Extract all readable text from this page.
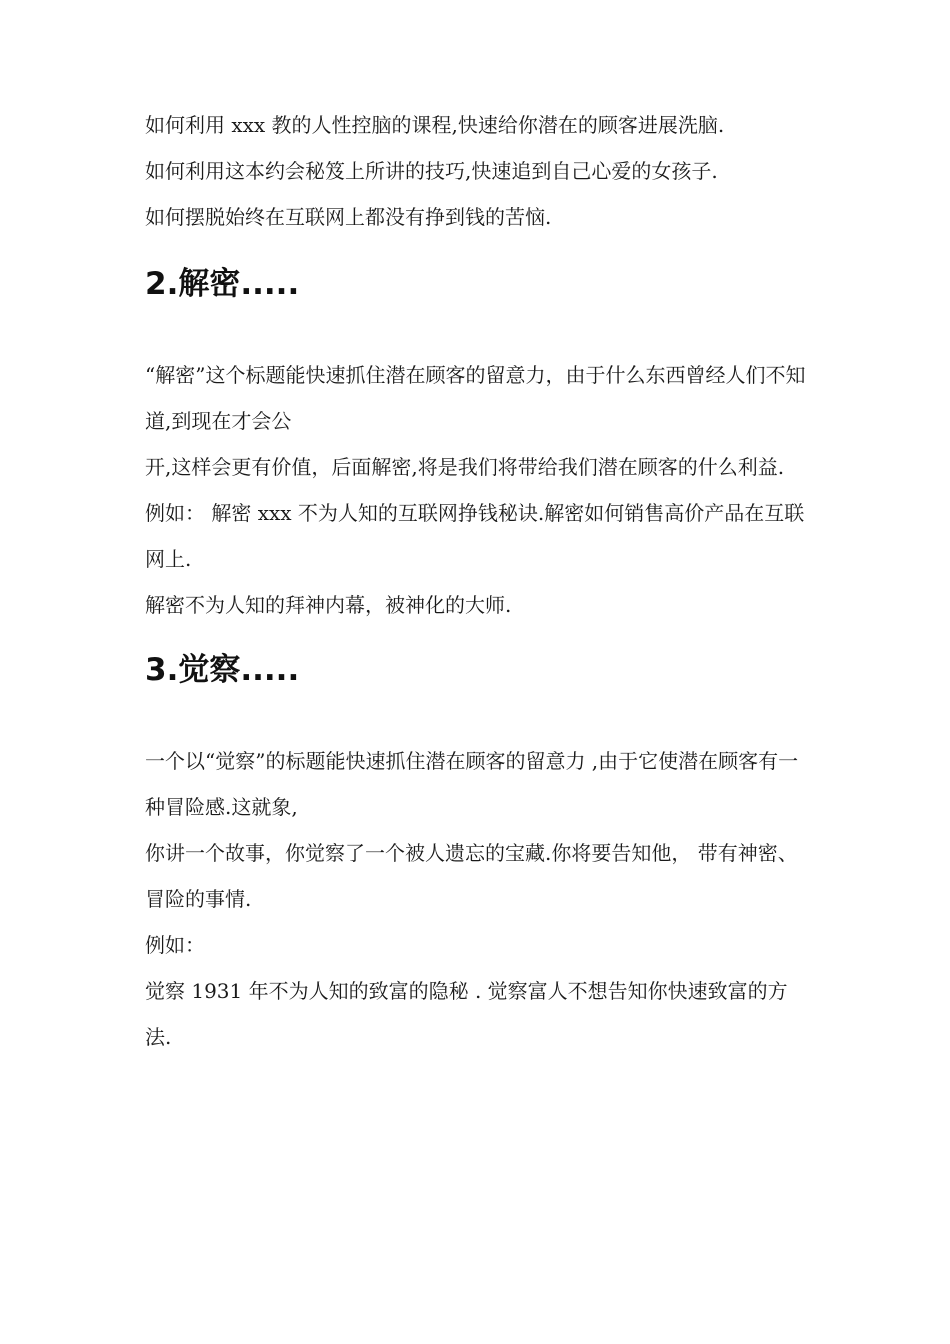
如何利用 xxx 教的人性控脑的课程,快速给你潜在的顾客进展洗脑.

如何利用这本约会秘笈上所讲的技巧,快速追到自己心爱的女孩子.

如何摆脱始终在互联网上都没有挣到钱的苦恼.

2.解密.....

“解密”这个标题能快速抓住潜在顾客的留意力，由于什么东西曾经人们不知道,到现在才会公

开,这样会更有价值，后面解密,将是我们将带给我们潜在顾客的什么利益.

例如： 解密 xxx 不为人知的互联网挣钱秘诀.解密如何销售高价产品在互联网上.

解密不为人知的拜神内幕，被神化的大师.

3.觉察.....

一个以“觉察”的标题能快速抓住潜在顾客的留意力 ,由于它使潜在顾客有一种冒险感.这就象,

你讲一个故事，你觉察了一个被人遗忘的宝藏.你将要告知他， 带有神密、冒险的事情.

例如：

觉察 1931 年不为人知的致富的隐秘 . 觉察富人不想告知你快速致富的方法.
